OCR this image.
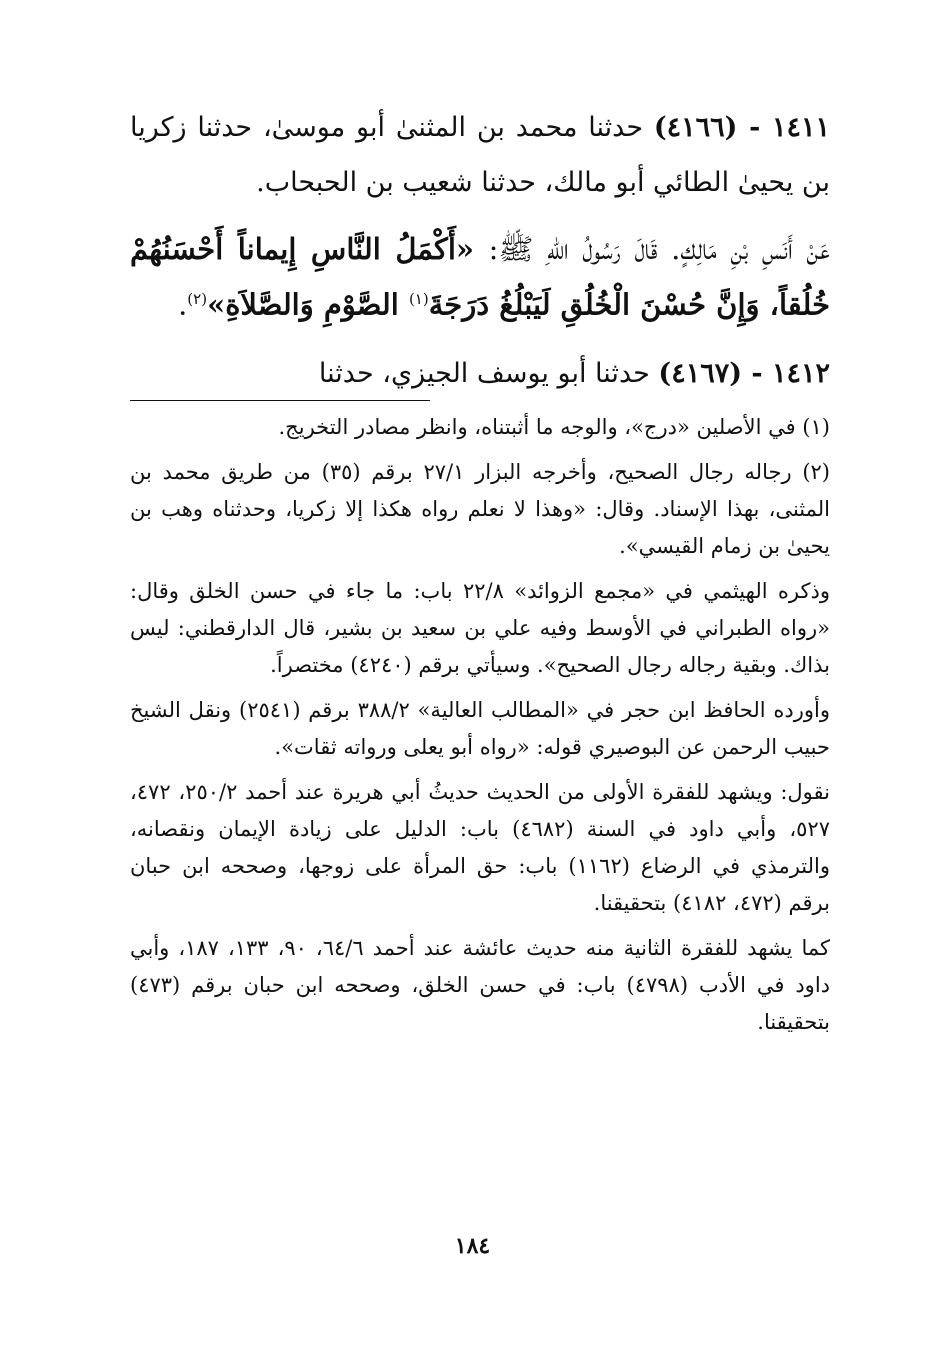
١٤١١ - (٤١٦٦) حدثنا محمد بن المثنىٰ أبو موسىٰ، حدثنا زكريا بن يحيىٰ الطائي أبو مالك، حدثنا شعيب بن الحبحاب.

عَنْ أَنَسِ بْنِ مَالِكٍ. قَالَ رَسُولُ اللهِ ﷺ: «أَكْمَلُ النَّاسِ إِيماناً أَحْسَنُهُمْ خُلُقاً، وَإِنَّ حُسْنَ الْخُلُقِ لَيَبْلُغُ دَرَجَةَ$^{(١)}$ الصَّوْمِ وَالصَّلاَةِ»$^{(٢)}$.

١٤١٢ - (٤١٦٧) حدثنا أبو يوسف الجيزي، حدثنا

(١) في الأصلين «درج»، والوجه ما أثبتناه، وانظر مصادر التخريج.

(٢) رجاله رجال الصحيح، وأخرجه البزار ٢٧/١ برقم (٣٥) من طريق محمد بن المثنى، بهذا الإسناد. وقال: «وهذا لا نعلم رواه هكذا إلا زكريا، وحدثناه وهب بن يحيىٰ بن زمام القيسي».

وذكره الهيثمي في «مجمع الزوائد» ٢٢/٨ باب: ما جاء في حسن الخلق وقال: «رواه الطبراني في الأوسط وفيه علي بن سعيد بن بشير، قال الدارقطني: ليس بذاك. وبقية رجاله رجال الصحيح». وسيأتي برقم (٤٢٤٠) مختصراً.

وأورده الحافظ ابن حجر في «المطالب العالية» ٣٨٨/٢ برقم (٢٥٤١) ونقل الشيخ حبيب الرحمن عن البوصيري قوله: «رواه أبو يعلى ورواته ثقات».

نقول: ويشهد للفقرة الأولى من الحديث حديثُ أبي هريرة عند أحمد ٢٥٠/٢، ٤٧٢، ٥٢٧، وأبي داود في السنة (٤٦٨٢) باب: الدليل على زيادة الإيمان ونقصانه، والترمذي في الرضاع (١١٦٢) باب: حق المرأة على زوجها، وصححه ابن حبان برقم (٤٧٢، ٤١٨٢) بتحقيقنا.

كما يشهد للفقرة الثانية منه حديث عائشة عند أحمد ٦٤/٦، ٩٠، ١٣٣، ١٨٧، وأبي داود في الأدب (٤٧٩٨) باب: في حسن الخلق، وصححه ابن حبان برقم (٤٧٣) بتحقيقنا.

١٨٤
